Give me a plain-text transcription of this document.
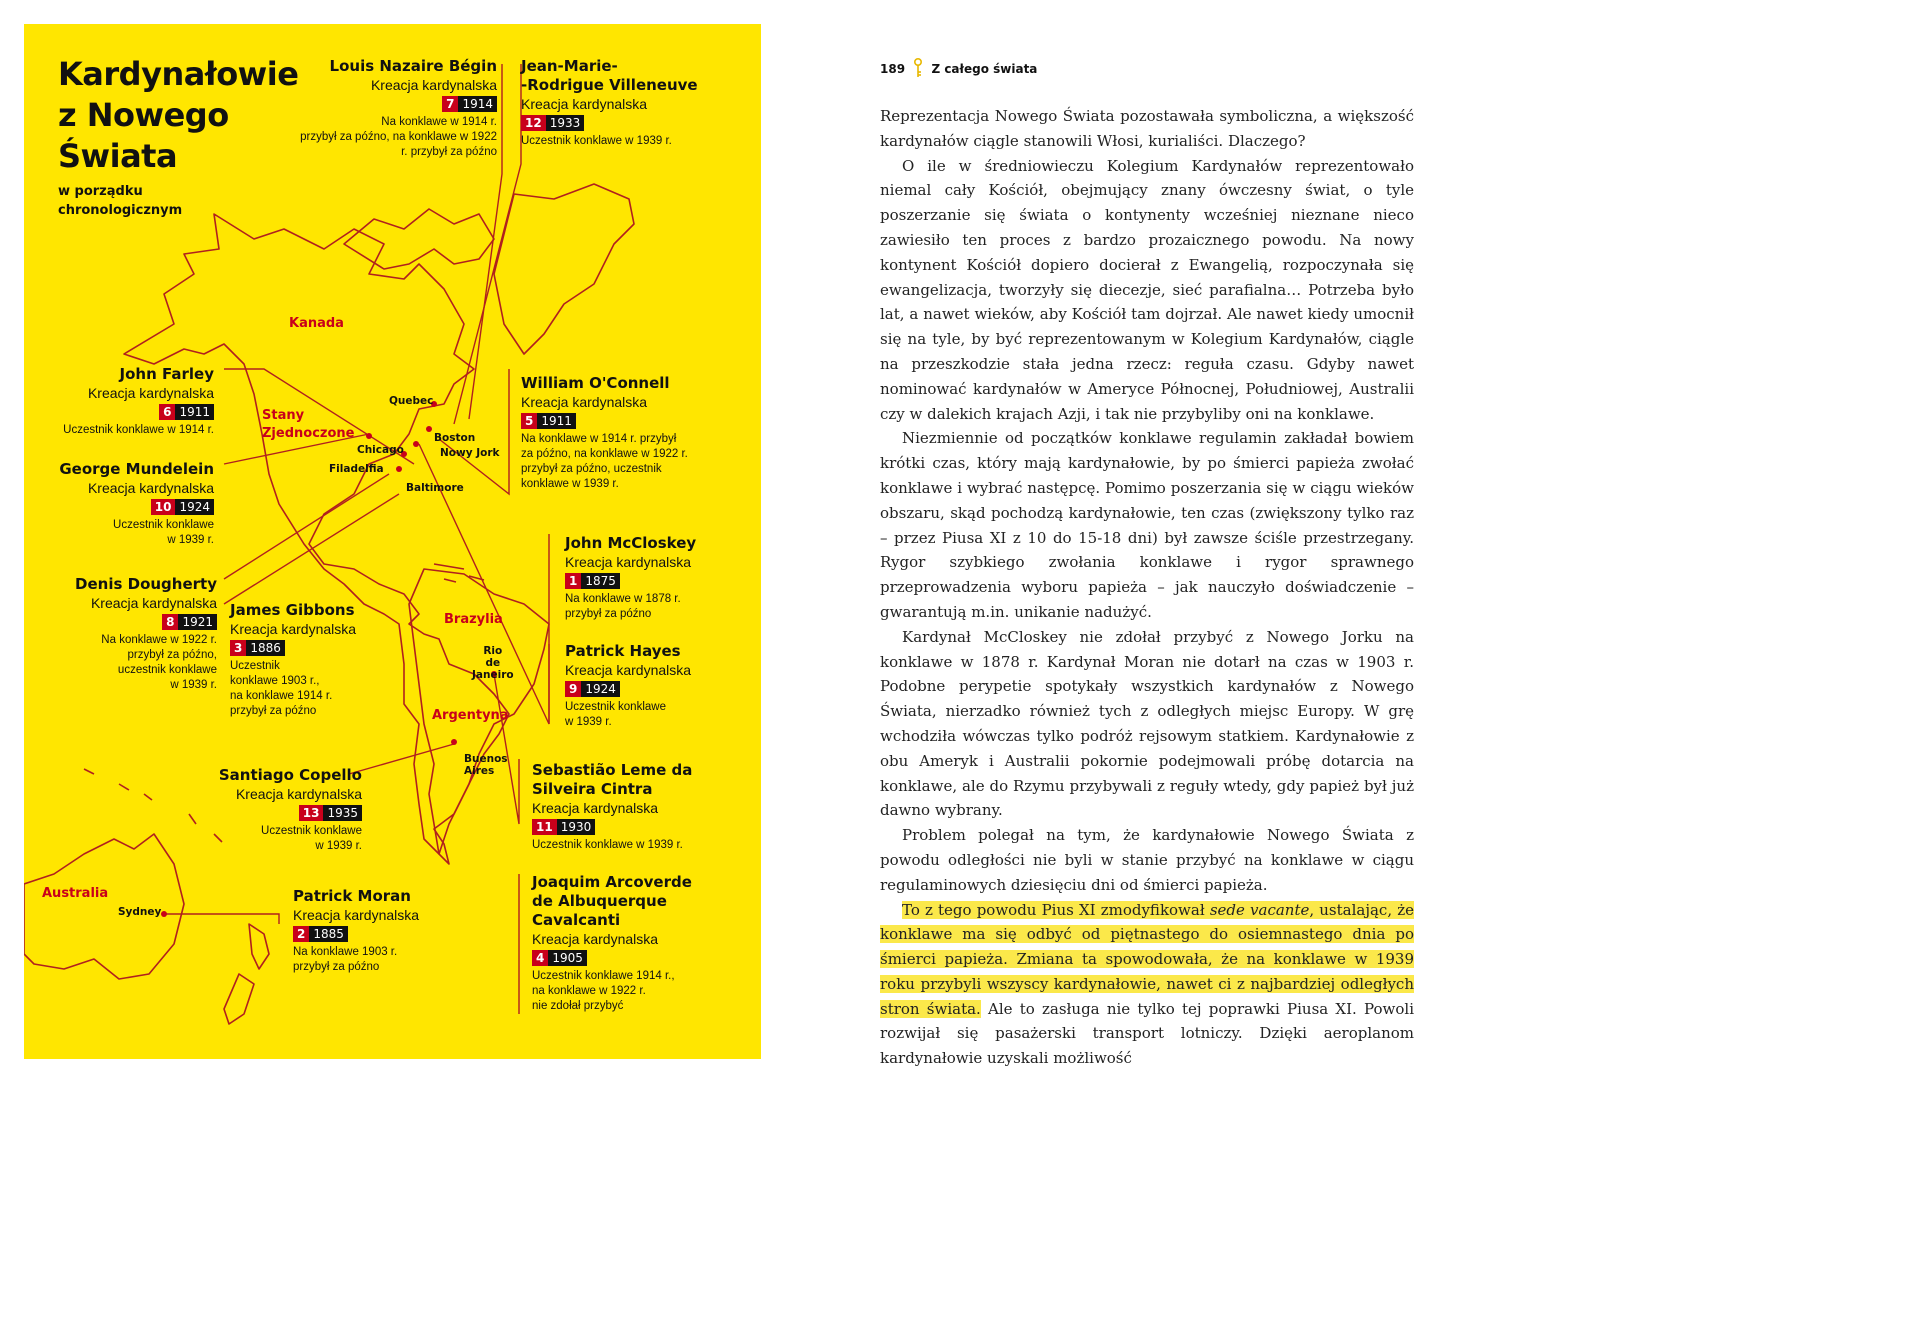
Kardynałowie z Nowego Świata
w porządku chronologicznym
Kanada
Stany
Zjednoczone
Brazylia
Argentyna
Australia
Quebec
Boston
Chicago	Nowy Jork
Filadelfia
Baltimore
Rio
de
Janeiro
Buenos
Aires
Sydney
Louis Nazaire Bégin
Kreacja kardynalska
7 1914
Na konklawe w 1914 r.
przybył za późno, na konklawe w 1922
r. przybył za późno
Jean-Marie-
-Rodrigue Villeneuve
Kreacja kardynalska
12 1933
Uczestnik konklawe w 1939 r.
John Farley
Kreacja kardynalska
6 1911
Uczestnik konklawe w 1914 r.
William O'Connell
Kreacja kardynalska
5 1911
Na konklawe w 1914 r. przybył
za późno, na konklawe w 1922 r.
przybył za późno, uczestnik
konklawe w 1939 r.
George Mundelein
Kreacja kardynalska
10 1924
Uczestnik konklawe
w 1939 r.	John McCloskey
Kreacja kardynalska
1 1875
Na konklawe w 1878 r.
przybył za późno
Denis Dougherty
Kreacja kardynalska
8 1921
Na konklawe w 1922 r.
przybył za późno,
uczestnik konklawe
w 1939 r.
James Gibbons
Kreacja kardynalska
3 1886
Uczestnik
konklawe 1903 r.,
na konklawe 1914 r.
przybył za późno
Patrick Hayes
Kreacja kardynalska
9 1924
Uczestnik konklawe
w 1939 r.
Santiago Copello
Kreacja kardynalska
13 1935
Uczestnik konklawe
w 1939 r.
Sebastião Leme da
Silveira Cintra
Kreacja kardynalska
11 1930
Uczestnik konklawe w 1939 r.
Patrick Moran
Kreacja kardynalska
2 1885
Na konklawe 1903 r.
przybył za późno
Joaquim Arcoverde
de Albuquerque
Cavalcanti
Kreacja kardynalska
4 1905
Uczestnik konklawe 1914 r.,
na konklawe w 1922 r.
nie zdołał przybyć
189 Z całego świata

Reprezentacja Nowego Świata pozostawała symboliczna, a większość kardynałów ciągle stanowili Włosi, kurialiści. Dlaczego?

O ile w średniowieczu Kolegium Kardynałów reprezentowało niemal cały Kościół, obejmujący znany ówczesny świat, o tyle poszerzanie się świata o kontynenty wcześniej nieznane nieco zawiesiło ten proces z bardzo prozaicznego powodu. Na nowy kontynent Kościół dopiero docierał z Ewangelią, rozpoczynała się ewangelizacja, tworzyły się diecezje, sieć parafialna… Potrzeba było lat, a nawet wieków, aby Kościół tam dojrzał. Ale nawet kiedy umocnił się na tyle, by być reprezentowanym w Kolegium Kardynałów, ciągle na przeszkodzie stała jedna rzecz: reguła czasu. Gdyby nawet nominować kardynałów w Ameryce Północnej, Południowej, Australii czy w dalekich krajach Azji, i tak nie przybyliby oni na konklawe.

Niezmiennie od początków konklawe regulamin zakładał bowiem krótki czas, który mają kardynałowie, by po śmierci papieża zwołać konklawe i wybrać następcę. Pomimo poszerzania się w ciągu wieków obszaru, skąd pochodzą kardynałowie, ten czas (zwiększony tylko raz – przez Piusa XI z 10 do 15-18 dni) był zawsze ściśle przestrzegany. Rygor szybkiego zwołania konklawe i rygor sprawnego przeprowadzenia wyboru papieża – jak nauczyło doświadczenie – gwarantują m.in. unikanie nadużyć.

Kardynał McCloskey nie zdołał przybyć z Nowego Jorku na konklawe w 1878 r. Kardynał Moran nie dotarł na czas w 1903 r. Podobne perypetie spotykały wszystkich kardynałów z Nowego Świata, nierzadko również tych z odległych miejsc Europy. W grę wchodziła wówczas tylko podróż rejsowym statkiem. Kardynałowie z obu Ameryk i Australii pokornie podejmowali próbę dotarcia na konklawe, ale do Rzymu przybywali z reguły wtedy, gdy papież był już dawno wybrany.

Problem polegał na tym, że kardynałowie Nowego Świata z powodu odległości nie byli w stanie przybyć na konklawe w ciągu regulaminowych dziesięciu dni od śmierci papieża.

To z tego powodu Pius XI zmodyfikował sede vacante, ustalając, że konklawe ma się odbyć od piętnastego do osiemnastego dnia po śmierci papieża. Zmiana ta spowodowała, że na konklawe w 1939 roku przybyli wszyscy kardynałowie, nawet ci z najbardziej odległych stron świata. Ale to zasługa nie tylko tej poprawki Piusa XI. Powoli rozwijał się pasażerski transport lotniczy. Dzięki aeroplanom kardynałowie uzyskali możliwość
